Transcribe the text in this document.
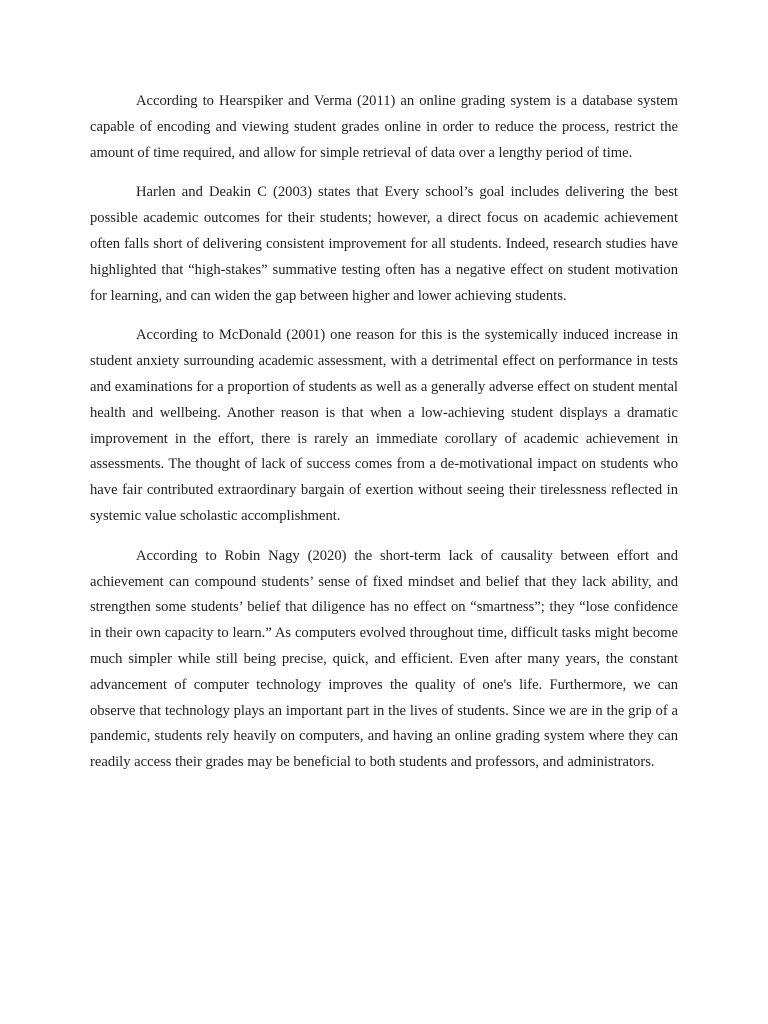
According to Hearspiker and Verma (2011) an online grading system is a database system capable of encoding and viewing student grades online in order to reduce the process, restrict the amount of time required, and allow for simple retrieval of data over a lengthy period of time.

Harlen and Deakin C (2003) states that Every school’s goal includes delivering the best possible academic outcomes for their students; however, a direct focus on academic achievement often falls short of delivering consistent improvement for all students. Indeed, research studies have highlighted that “high-stakes” summative testing often has a negative effect on student motivation for learning, and can widen the gap between higher and lower achieving students.

According to McDonald (2001) one reason for this is the systemically induced increase in student anxiety surrounding academic assessment, with a detrimental effect on performance in tests and examinations for a proportion of students as well as a generally adverse effect on student mental health and wellbeing. Another reason is that when a low-achieving student displays a dramatic improvement in the effort, there is rarely an immediate corollary of academic achievement in assessments. The thought of lack of success comes from a de-motivational impact on students who have fair contributed extraordinary bargain of exertion without seeing their tirelessness reflected in systemic value scholastic accomplishment.

According to Robin Nagy (2020) the short-term lack of causality between effort and achievement can compound students’ sense of fixed mindset and belief that they lack ability, and strengthen some students’ belief that diligence has no effect on “smartness”; they “lose confidence in their own capacity to learn.” As computers evolved throughout time, difficult tasks might become much simpler while still being precise, quick, and efficient. Even after many years, the constant advancement of computer technology improves the quality of one's life. Furthermore, we can observe that technology plays an important part in the lives of students. Since we are in the grip of a pandemic, students rely heavily on computers, and having an online grading system where they can readily access their grades may be beneficial to both students and professors, and administrators.
